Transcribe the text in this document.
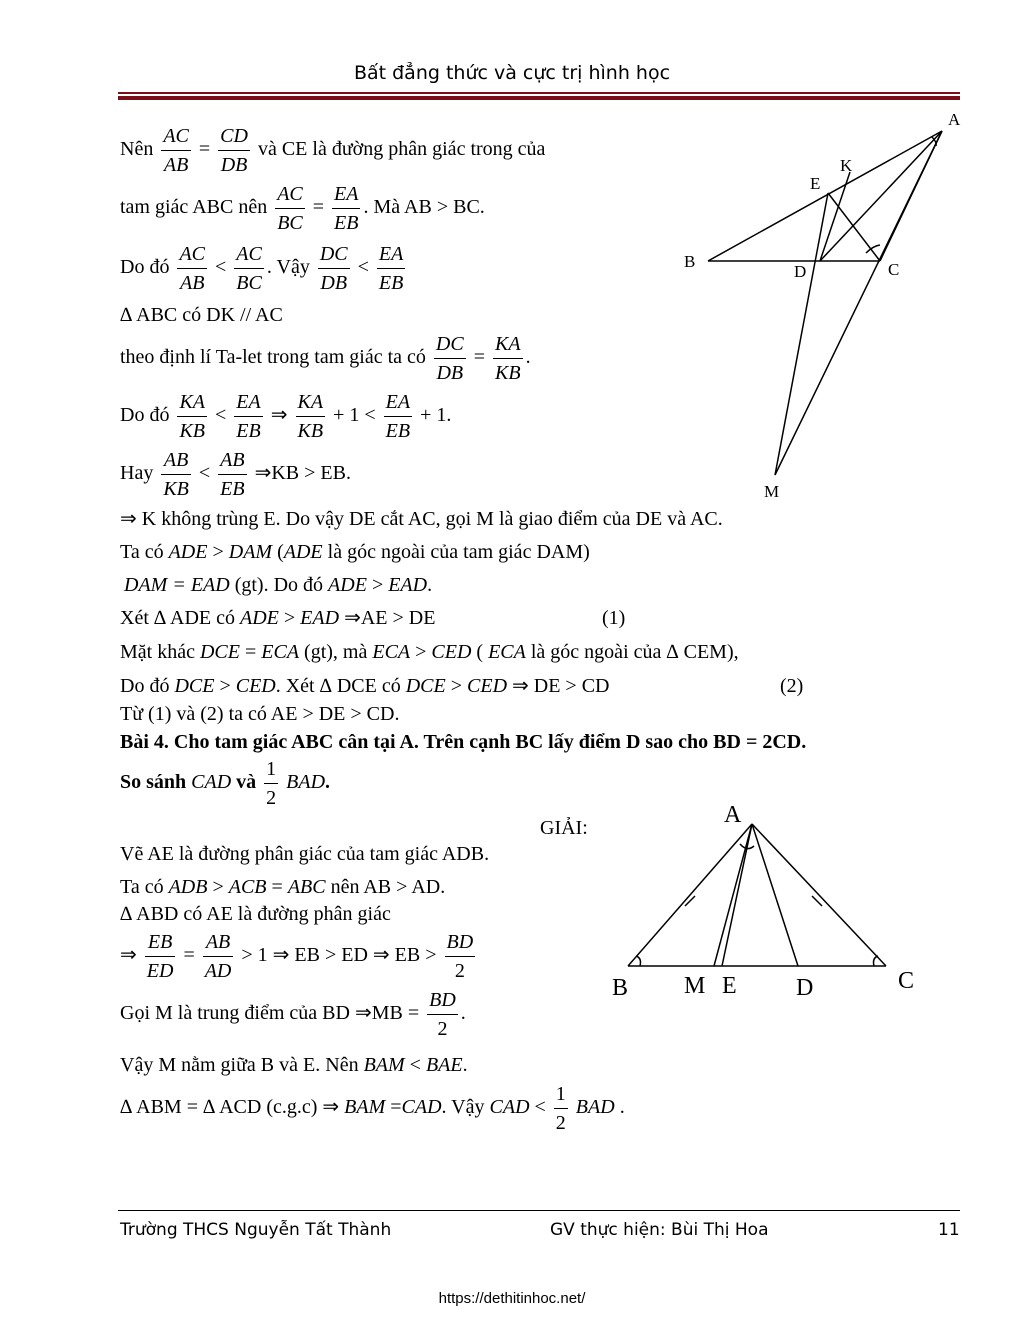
Bất đẳng thức và cực trị hình học
Nên $\frac{AC}{AB} = \frac{CD}{DB}$ và CE là đường phân giác trong của
tam giác ABC nên $\frac{AC}{BC} = \frac{EA}{EB}$ . Mà AB > BC.
Do đó $\frac{AC}{AB} < \frac{AC}{BC}$ . Vậy $\frac{DC}{DB} < \frac{EA}{EB}$
∆ ABC có DK // AC
theo định lí Ta-let trong tam giác ta có $\frac{DC}{DB} = \frac{KA}{KB}$ .
Do đó $\frac{KA}{KB} < \frac{EA}{EB}$ ⇒ $\frac{KA}{KB} + 1 < \frac{EA}{EB} + 1$.
Hay $\frac{AB}{KB} < \frac{AB}{EB}$ ⇒KB > EB.
⇒ K không trùng E. Do vậy DE cắt AC, gọi M là giao điểm của DE và AC.
Ta có ADE > DAM (ADE là góc ngoài của tam giác DAM)
DAM = EAD (gt). Do đó ADE > EAD.
Xét ∆ ADE có ADE > EAD ⇒AE > DE	(1)
Mặt khác DCE = ECA (gt), mà ECA > CED ( ECA là góc ngoài của ∆ CEM),
Do đó DCE > CED. Xét ∆ DCE có DCE > CED ⇒ DE > CD	(2)
Từ (1) và (2) ta có AE > DE > CD.
Bài 4. Cho tam giác ABC cân tại A. Trên cạnh BC lấy điểm D sao cho BD = 2CD.
So sánh CAD và $\frac{1}{2}$ BAD.
GIẢI:
Vẽ AE là đường phân giác của tam giác ADB.
Ta có ADB > ACB = ABC nên AB > AD.
∆ ABD có AE là đường phân giác
⇒ $\frac{EB}{ED} = \frac{AB}{AD} > 1$ ⇒ EB > ED ⇒ EB > $\frac{BD}{2}$
Gọi M là trung điểm của BD ⇒MB = $\frac{BD}{2}$ .
Vậy M nằm giữa B và E. Nên BAM < BAE.
∆ ABM = ∆ ACD (c.g.c) ⇒ BAM =CAD. Vậy CAD < $\frac{1}{2}$ BAD .
A
K
E
B
D	C
M
A
B M E D	C
Trường THCS Nguyễn Tất Thành	GV thực hiện: Bùi Thị Hoa	11
https://dethitinhoc.net/
